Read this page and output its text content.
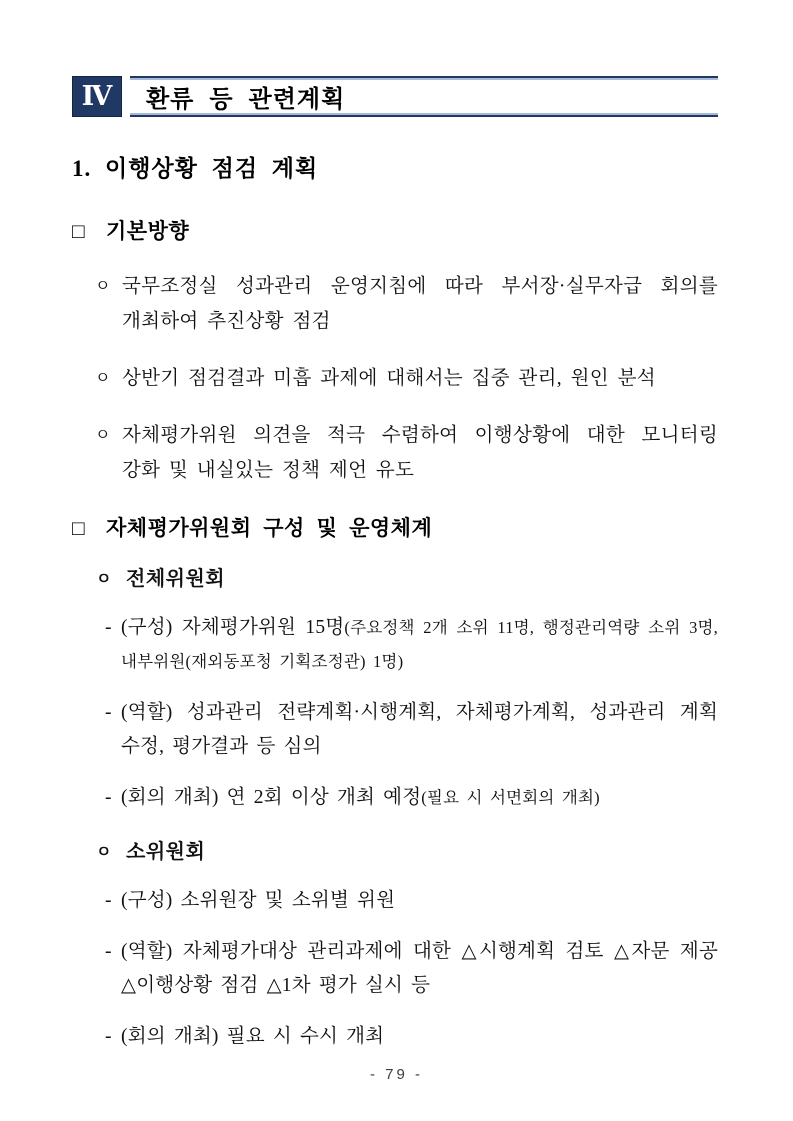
Ⅳ 환류 등 관련계획
1. 이행상황 점검 계획
□ 기본방향
ㅇ 국무조정실 성과관리 운영지침에 따라 부서장·실무자급 회의를 개최하여 추진상황 점검
ㅇ 상반기 점검결과 미흡 과제에 대해서는 집중 관리, 원인 분석
ㅇ 자체평가위원 의견을 적극 수렴하여 이행상황에 대한 모니터링 강화 및 내실있는 정책 제언 유도
□ 자체평가위원회 구성 및 운영체계
ㅇ 전체위원회
- (구성) 자체평가위원 15명(주요정책 2개 소위 11명, 행정관리역량 소위 3명, 내부위원(재외동포청 기획조정관) 1명)
- (역할) 성과관리 전략계획·시행계획, 자체평가계획, 성과관리 계획 수정, 평가결과 등 심의
- (회의 개최) 연 2회 이상 개최 예정(필요 시 서면회의 개최)
ㅇ 소위원회
- (구성) 소위원장 및 소위별 위원
- (역할) 자체평가대상 관리과제에 대한 △시행계획 검토 △자문 제공 △이행상황 점검 △1차 평가 실시 등
- (회의 개최) 필요 시 수시 개최
- 79 -
